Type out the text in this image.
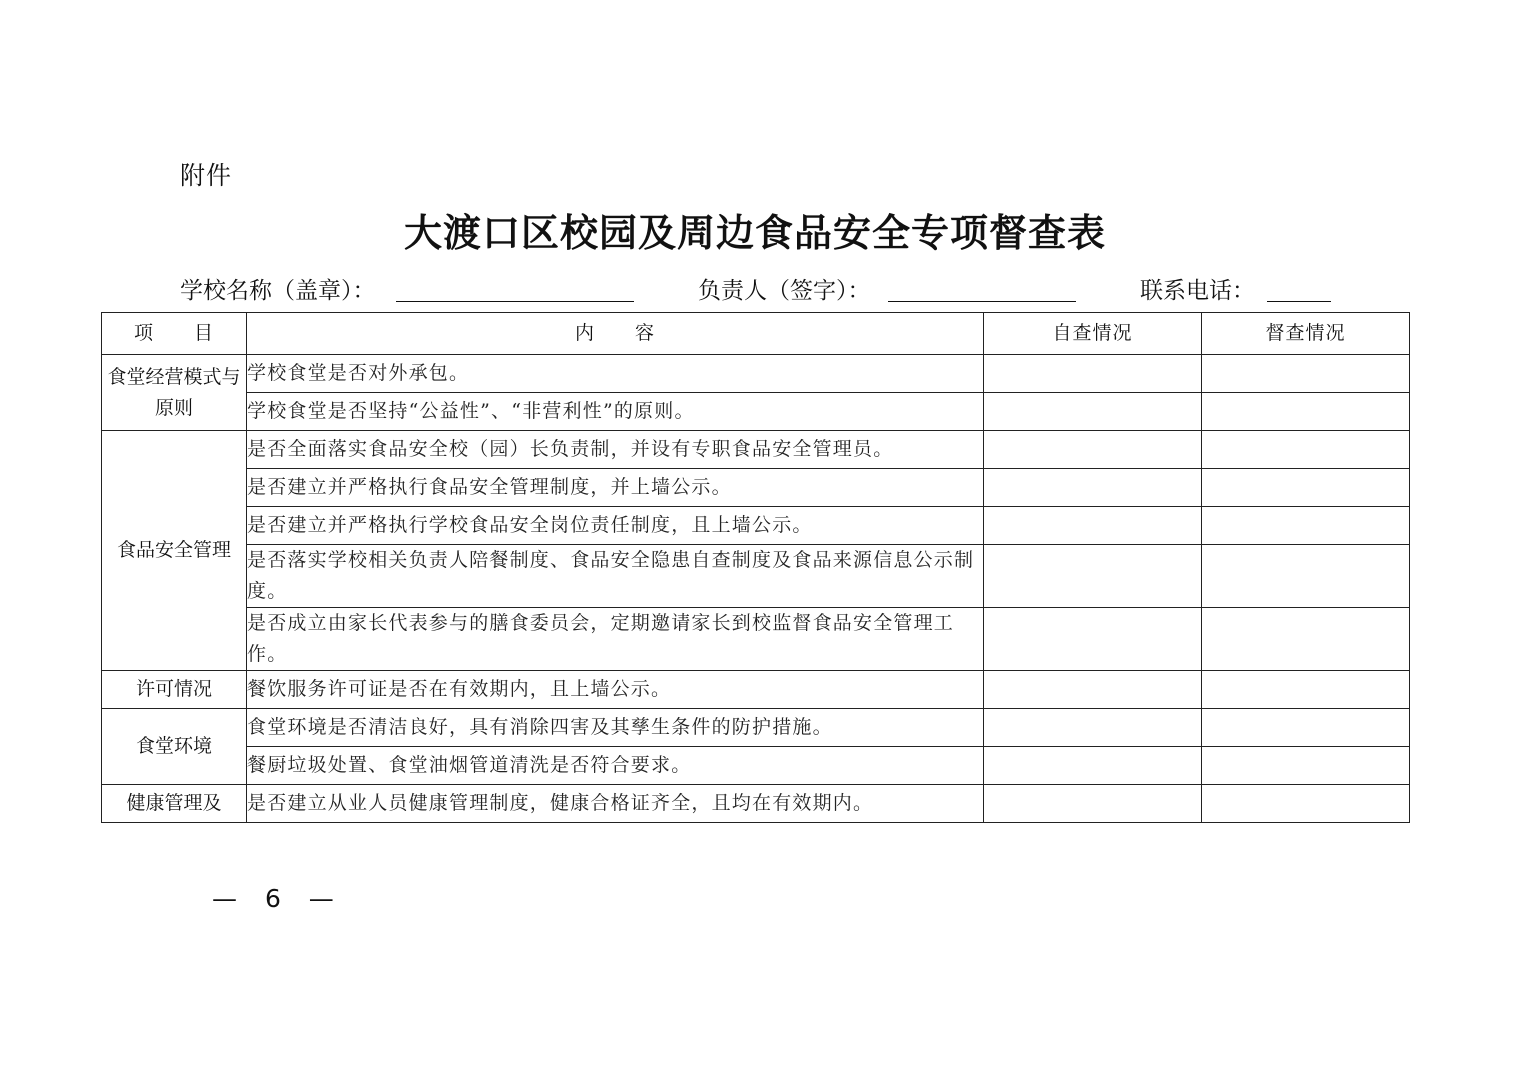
附件
大渡口区校园及周边食品安全专项督查表
学校名称（盖章）：	负责人（签字）：	联系电话：
项　　目	内　　容	自查情况	督查情况
食堂经营模式与原则	学校食堂是否对外承包。		
	学校食堂是否坚持“公益性”、“非营利性”的原则。		
食品安全管理	是否全面落实食品安全校（园）长负责制，并设有专职食品安全管理员。		
	是否建立并严格执行食品安全管理制度，并上墙公示。		
	是否建立并严格执行学校食品安全岗位责任制度，且上墙公示。		
	是否落实学校相关负责人陪餐制度、食品安全隐患自查制度及食品来源信息公示制度。		
	是否成立由家长代表参与的膳食委员会，定期邀请家长到校监督食品安全管理工作。		
许可情况	餐饮服务许可证是否在有效期内，且上墙公示。		
食堂环境	食堂环境是否清洁良好，具有消除四害及其孳生条件的防护措施。		
	餐厨垃圾处置、食堂油烟管道清洗是否符合要求。		
健康管理及	是否建立从业人员健康管理制度，健康合格证齐全，且均在有效期内。		
— 6 —
